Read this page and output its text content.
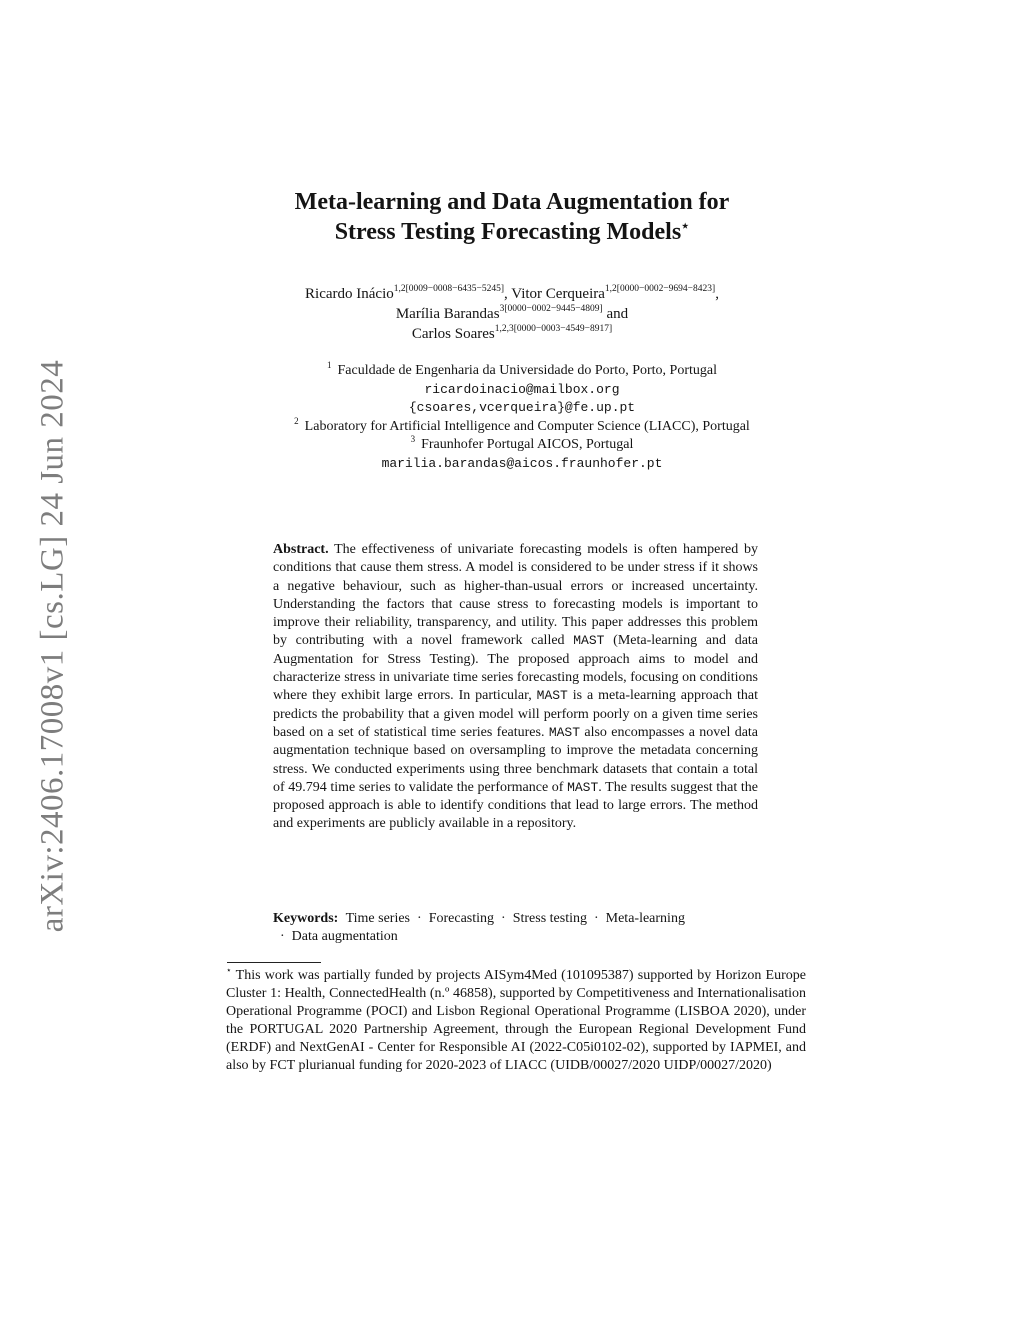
arXiv:2406.17008v1 [cs.LG] 24 Jun 2024
Meta-learning and Data Augmentation for
Stress Testing Forecasting Models⋆
Ricardo Inácio$^{1,2[0009-0008-6435-5245]}$, Vitor Cerqueira$^{1,2[0000-0002-9694-8423]}$,
Marília Barandas$^{3[0000-0002-9445-4809]}$ and
Carlos Soares$^{1,2,3[0000-0003-4549-8917]}$
$^1$ Faculdade de Engenharia da Universidade do Porto, Porto, Portugal
ricardoinacio@mailbox.org
{csoares,vcerqueira}@fe.up.pt
$^2$ Laboratory for Artificial Intelligence and Computer Science (LIACC), Portugal
$^3$ Fraunhofer Portugal AICOS, Portugal
marilia.barandas@aicos.fraunhofer.pt
Abstract. The effectiveness of univariate forecasting models is often hampered by conditions that cause them stress. A model is considered to be under stress if it shows a negative behaviour, such as higher-than-usual errors or increased uncertainty. Understanding the factors that cause stress to forecasting models is important to improve their reliability, transparency, and utility. This paper addresses this problem by contributing with a novel framework called MAST (Meta-learning and data Augmentation for Stress Testing). The proposed approach aims to model and characterize stress in univariate time series forecasting models, focusing on conditions where they exhibit large errors. In particular, MAST is a meta-learning approach that predicts the probability that a given model will perform poorly on a given time series based on a set of statistical time series features. MAST also encompasses a novel data augmentation technique based on oversampling to improve the metadata concerning stress. We conducted experiments using three benchmark datasets that contain a total of 49.794 time series to validate the performance of MAST. The results suggest that the proposed approach is able to identify conditions that lead to large errors. The method and experiments are publicly available in a repository.
Keywords: Time series · Forecasting · Stress testing · Meta-learning
· Data augmentation
⋆ This work was partially funded by projects AISym4Med (101095387) supported by Horizon Europe Cluster 1: Health, ConnectedHealth (n.º 46858), supported by Competitiveness and Internationalisation Operational Programme (POCI) and Lisbon Regional Operational Programme (LISBOA 2020), under the PORTUGAL 2020 Partnership Agreement, through the European Regional Development Fund (ERDF) and NextGenAI - Center for Responsible AI (2022-C05i0102-02), supported by IAPMEI, and also by FCT plurianual funding for 2020-2023 of LIACC (UIDB/00027/2020 UIDP/00027/2020)
